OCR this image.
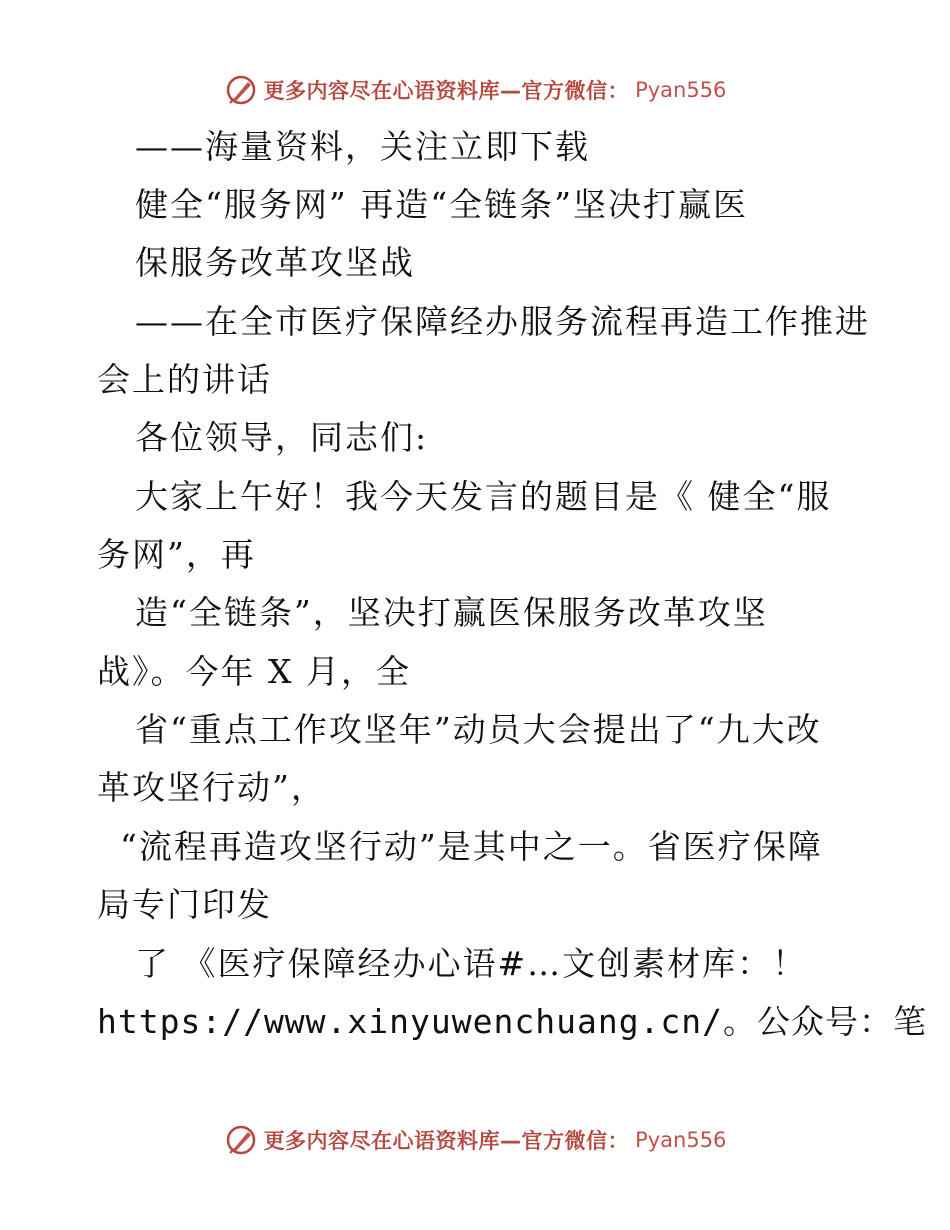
更多内容尽在心语资料库—官方微信： Pyan556
——海量资料，关注立即下载
健全“服务网” 再造“全链条”坚决打赢医
保服务改革攻坚战
——在全市医疗保障经办服务流程再造工作推进
会上的讲话
各位领导，同志们:
大家上午好！我今天发言的题目是《 健全“服
务网”，再
造“全链条”，坚决打赢医保服务改革攻坚
战》。今年 X 月，全
省“重点工作攻坚年”动员大会提出了“九大改
革攻坚行动”，
“流程再造攻坚行动”是其中之一。省医疗保障
局专门印发
了 《医疗保障经办心语#…文创素材库：！
https://www.xinyuwenchuang.cn/。公众号：笔
更多内容尽在心语资料库—官方微信： Pyan556
